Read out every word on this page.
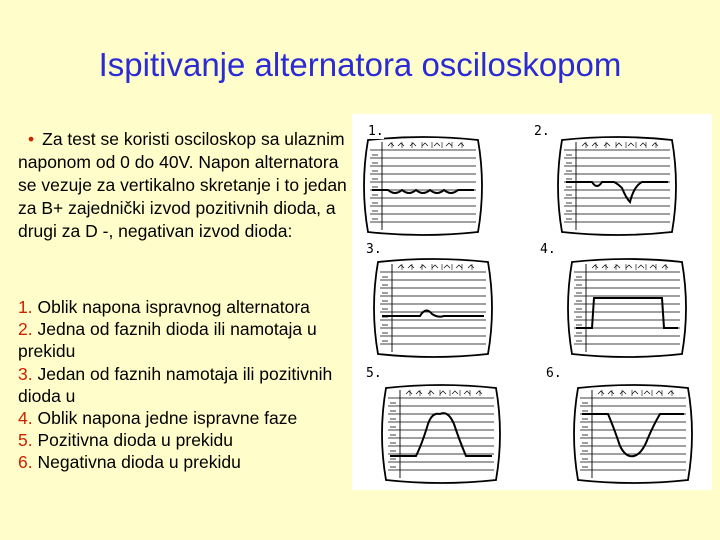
Ispitivanje alternatora osciloskopom
• Za test se koristi osciloskop sa ulaznim naponom od 0 do 40V. Napon alternatora se vezuje za vertikalno skretanje i to jedan za B+ zajednički izvod pozitivnih dioda, a drugi za D -, negativan izvod dioda:
1. Oblik napona ispravnog alternatora
2. Jedna od faznih dioda ili namotaja u prekidu
3. Jedan od faznih namotaja ili pozitivnih dioda u
4. Oblik napona jedne ispravne faze
5. Pozitivna dioda u prekidu
6. Negativna dioda u prekidu
1.	2.
3.	4.
5.	6.
